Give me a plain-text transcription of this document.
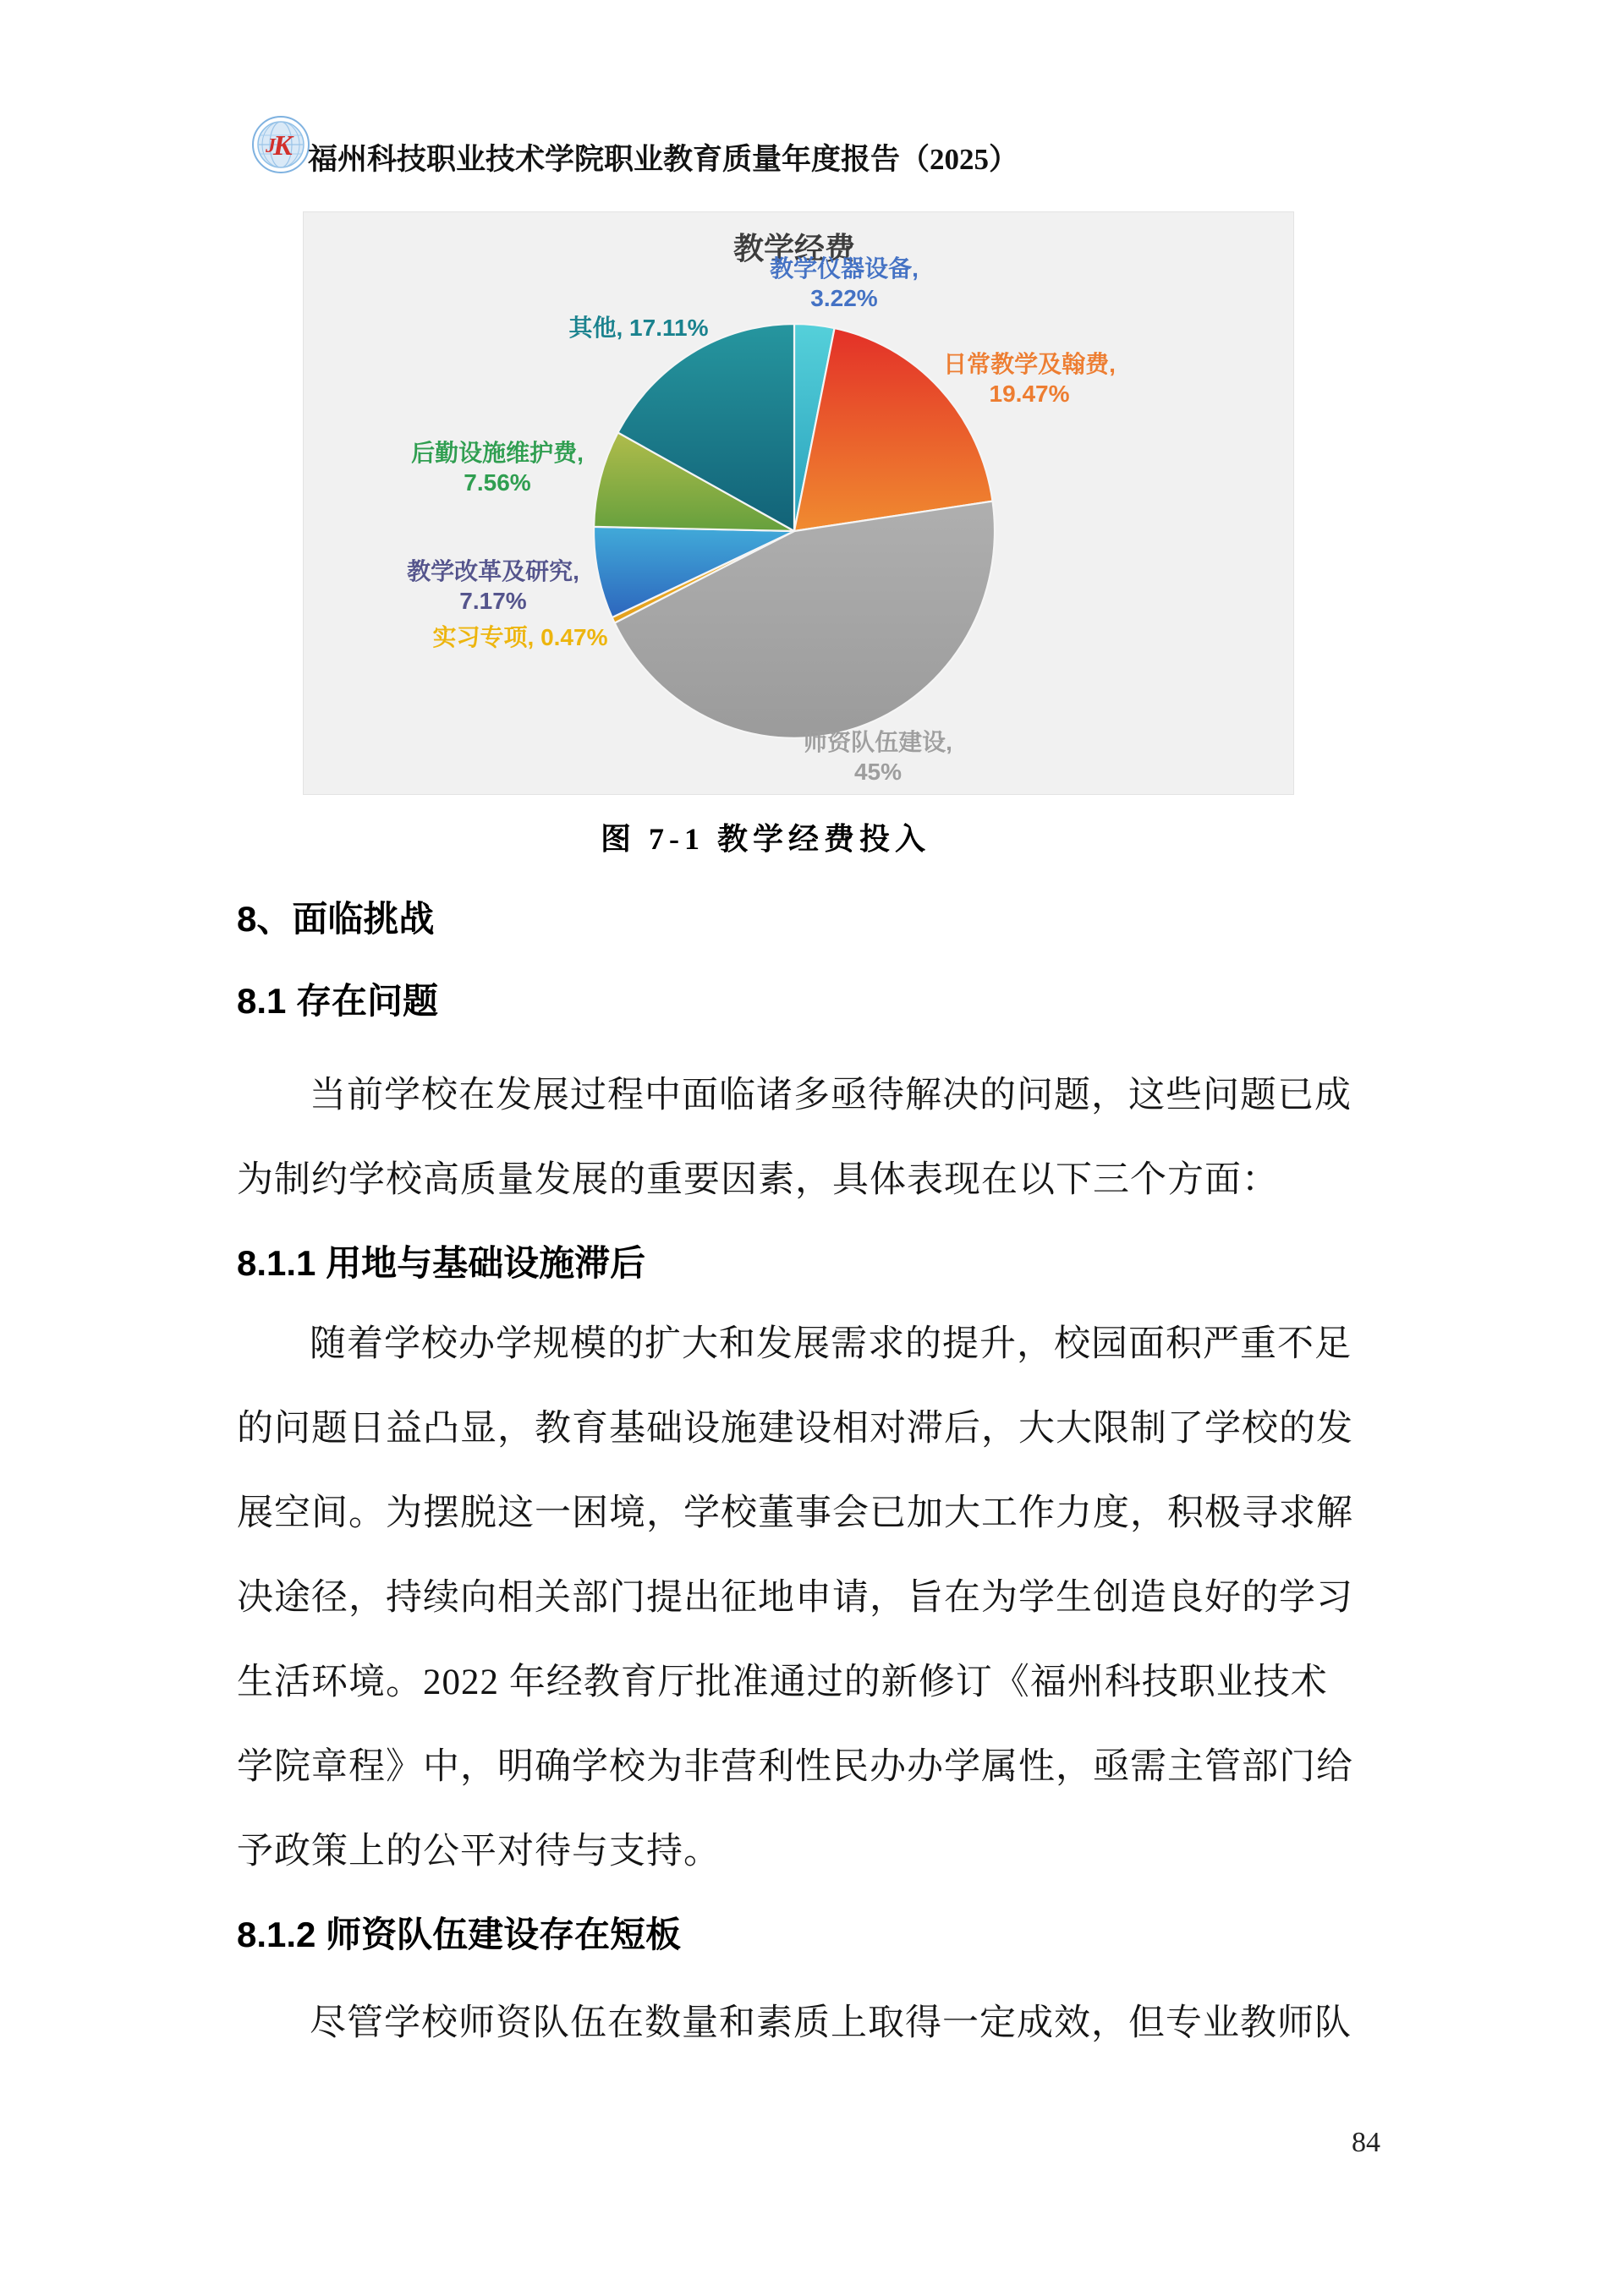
K
J 福州科技职业技术学院职业教育质量年度报告（2025）
教学经费
教学仪器设备,
3.22%
日常教学及翰费,
19.47%
师资队伍建设,
45%
实习专项, 0.47%
教学改革及研究,
7.17%
后勤设施维护费,
7.56%
其他, 17.11%
图 7-1 教学经费投入
8、面临挑战
8.1 存在问题
当前学校在发展过程中面临诸多亟待解决的问题，这些问题已成
为制约学校高质量发展的重要因素，具体表现在以下三个方面：
8.1.1 用地与基础设施滞后
随着学校办学规模的扩大和发展需求的提升，校园面积严重不足
的问题日益凸显，教育基础设施建设相对滞后，大大限制了学校的发
展空间。为摆脱这一困境，学校董事会已加大工作力度，积极寻求解
决途径，持续向相关部门提出征地申请，旨在为学生创造良好的学习
生活环境。2022 年经教育厅批准通过的新修订《福州科技职业技术
学院章程》中，明确学校为非营利性民办办学属性，亟需主管部门给
予政策上的公平对待与支持。
8.1.2 师资队伍建设存在短板
尽管学校师资队伍在数量和素质上取得一定成效，但专业教师队
84
